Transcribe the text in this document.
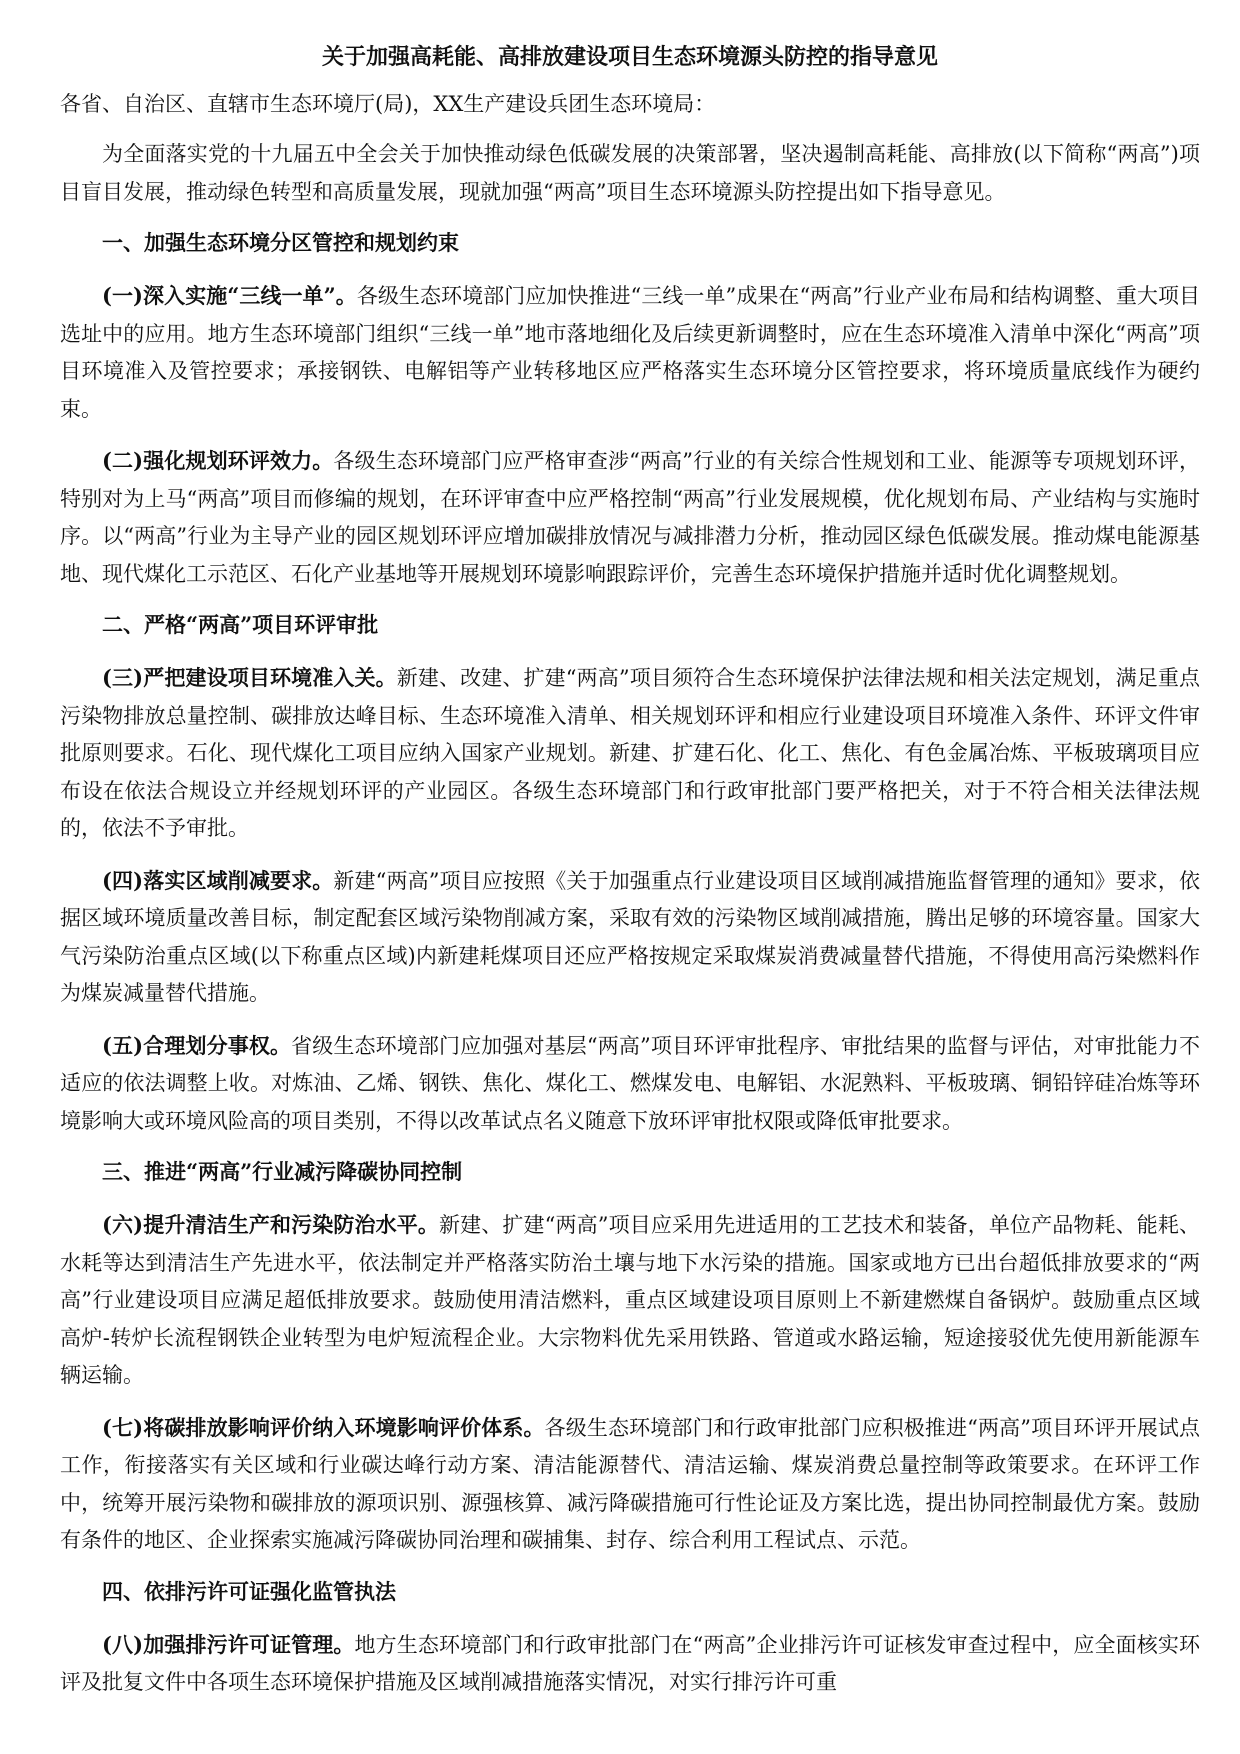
关于加强高耗能、高排放建设项目生态环境源头防控的指导意见
各省、自治区、直辖市生态环境厅(局)，XX生产建设兵团生态环境局：
为全面落实党的十九届五中全会关于加快推动绿色低碳发展的决策部署，坚决遏制高耗能、高排放(以下简称“两高”)项目盲目发展，推动绿色转型和高质量发展，现就加强“两高”项目生态环境源头防控提出如下指导意见。
一、加强生态环境分区管控和规划约束
(一)深入实施“三线一单”。各级生态环境部门应加快推进“三线一单”成果在“两高”行业产业布局和结构调整、重大项目选址中的应用。地方生态环境部门组织“三线一单”地市落地细化及后续更新调整时，应在生态环境准入清单中深化“两高”项目环境准入及管控要求；承接钢铁、电解铝等产业转移地区应严格落实生态环境分区管控要求，将环境质量底线作为硬约束。
(二)强化规划环评效力。各级生态环境部门应严格审查涉“两高”行业的有关综合性规划和工业、能源等专项规划环评，特别对为上马“两高”项目而修编的规划，在环评审查中应严格控制“两高”行业发展规模，优化规划布局、产业结构与实施时序。以“两高”行业为主导产业的园区规划环评应增加碳排放情况与减排潜力分析，推动园区绿色低碳发展。推动煤电能源基地、现代煤化工示范区、石化产业基地等开展规划环境影响跟踪评价，完善生态环境保护措施并适时优化调整规划。
二、严格“两高”项目环评审批
(三)严把建设项目环境准入关。新建、改建、扩建“两高”项目须符合生态环境保护法律法规和相关法定规划，满足重点污染物排放总量控制、碳排放达峰目标、生态环境准入清单、相关规划环评和相应行业建设项目环境准入条件、环评文件审批原则要求。石化、现代煤化工项目应纳入国家产业规划。新建、扩建石化、化工、焦化、有色金属冶炼、平板玻璃项目应布设在依法合规设立并经规划环评的产业园区。各级生态环境部门和行政审批部门要严格把关，对于不符合相关法律法规的，依法不予审批。
(四)落实区域削减要求。新建“两高”项目应按照《关于加强重点行业建设项目区域削减措施监督管理的通知》要求，依据区域环境质量改善目标，制定配套区域污染物削减方案，采取有效的污染物区域削减措施，腾出足够的环境容量。国家大气污染防治重点区域(以下称重点区域)内新建耗煤项目还应严格按规定采取煤炭消费减量替代措施，不得使用高污染燃料作为煤炭减量替代措施。
(五)合理划分事权。省级生态环境部门应加强对基层“两高”项目环评审批程序、审批结果的监督与评估，对审批能力不适应的依法调整上收。对炼油、乙烯、钢铁、焦化、煤化工、燃煤发电、电解铝、水泥熟料、平板玻璃、铜铅锌硅冶炼等环境影响大或环境风险高的项目类别，不得以改革试点名义随意下放环评审批权限或降低审批要求。
三、推进“两高”行业减污降碳协同控制
(六)提升清洁生产和污染防治水平。新建、扩建“两高”项目应采用先进适用的工艺技术和装备，单位产品物耗、能耗、水耗等达到清洁生产先进水平，依法制定并严格落实防治土壤与地下水污染的措施。国家或地方已出台超低排放要求的“两高”行业建设项目应满足超低排放要求。鼓励使用清洁燃料，重点区域建设项目原则上不新建燃煤自备锅炉。鼓励重点区域高炉-转炉长流程钢铁企业转型为电炉短流程企业。大宗物料优先采用铁路、管道或水路运输，短途接驳优先使用新能源车辆运输。
(七)将碳排放影响评价纳入环境影响评价体系。各级生态环境部门和行政审批部门应积极推进“两高”项目环评开展试点工作，衔接落实有关区域和行业碳达峰行动方案、清洁能源替代、清洁运输、煤炭消费总量控制等政策要求。在环评工作中，统筹开展污染物和碳排放的源项识别、源强核算、减污降碳措施可行性论证及方案比选，提出协同控制最优方案。鼓励有条件的地区、企业探索实施减污降碳协同治理和碳捕集、封存、综合利用工程试点、示范。
四、依排污许可证强化监管执法
(八)加强排污许可证管理。地方生态环境部门和行政审批部门在“两高”企业排污许可证核发审查过程中，应全面核实环评及批复文件中各项生态环境保护措施及区域削减措施落实情况，对实行排污许可重
